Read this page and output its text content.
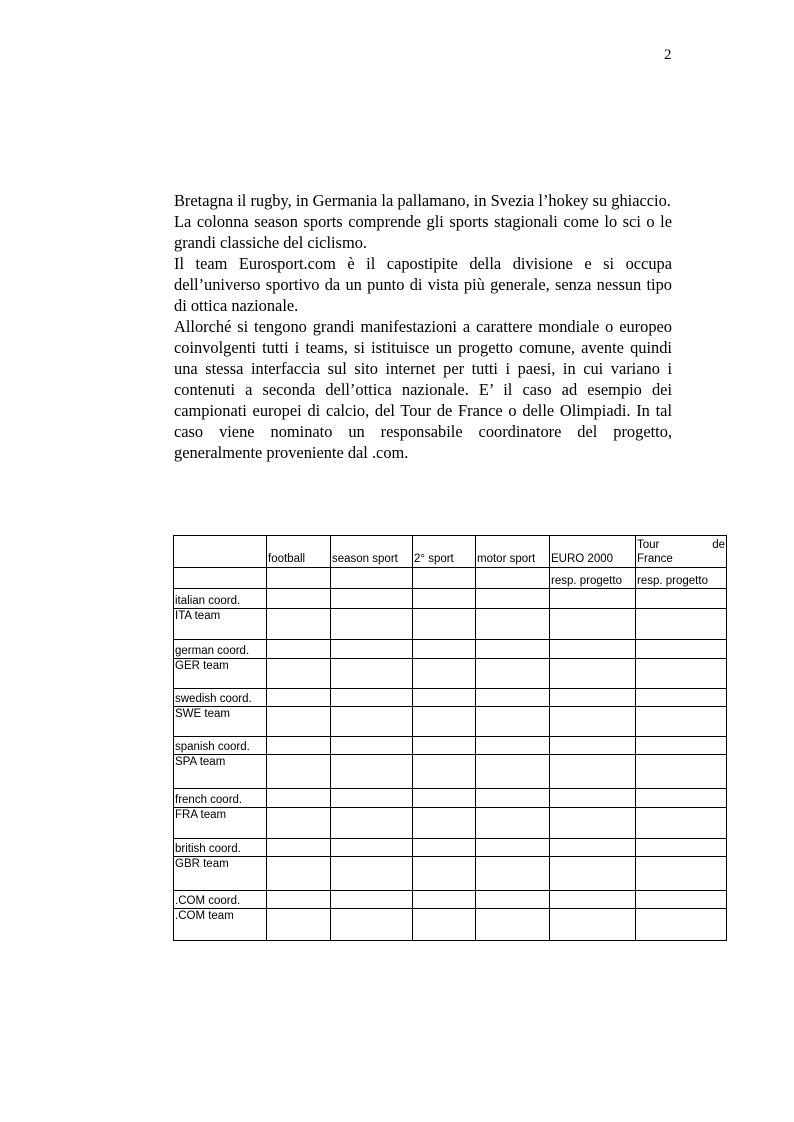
2

Bretagna il rugby, in Germania la pallamano, in Svezia l’hokey su ghiaccio.

La colonna season sports comprende gli sports stagionali come lo sci o le grandi classiche del ciclismo.

Il team Eurosport.com è il capostipite della divisione e si occupa dell’universo sportivo da un punto di vista più generale, senza nessun tipo di ottica nazionale.

Allorché si tengono grandi manifestazioni a carattere mondiale o europeo coinvolgenti tutti i teams, si istituisce un progetto comune, avente quindi una stessa interfaccia sul sito internet per tutti i paesi, in cui variano i contenuti a seconda dell’ottica nazionale. E’ il caso ad esempio dei campionati europei di calcio, del Tour de France o delle Olimpiadi. In tal caso viene nominato un responsabile coordinatore del progetto, generalmente proveniente dal .com.

	football	season sport	2° sport	motor sport	EURO 2000	Tour de
France

					resp. progetto	resp. progetto
italian coord.						
ITA team						
german coord.						
GER team						
swedish coord.						
SWE team						
spanish coord.						
SPA team						
french coord.						
FRA team						
british coord.						
GBR team						
.COM coord.						
.COM team						
